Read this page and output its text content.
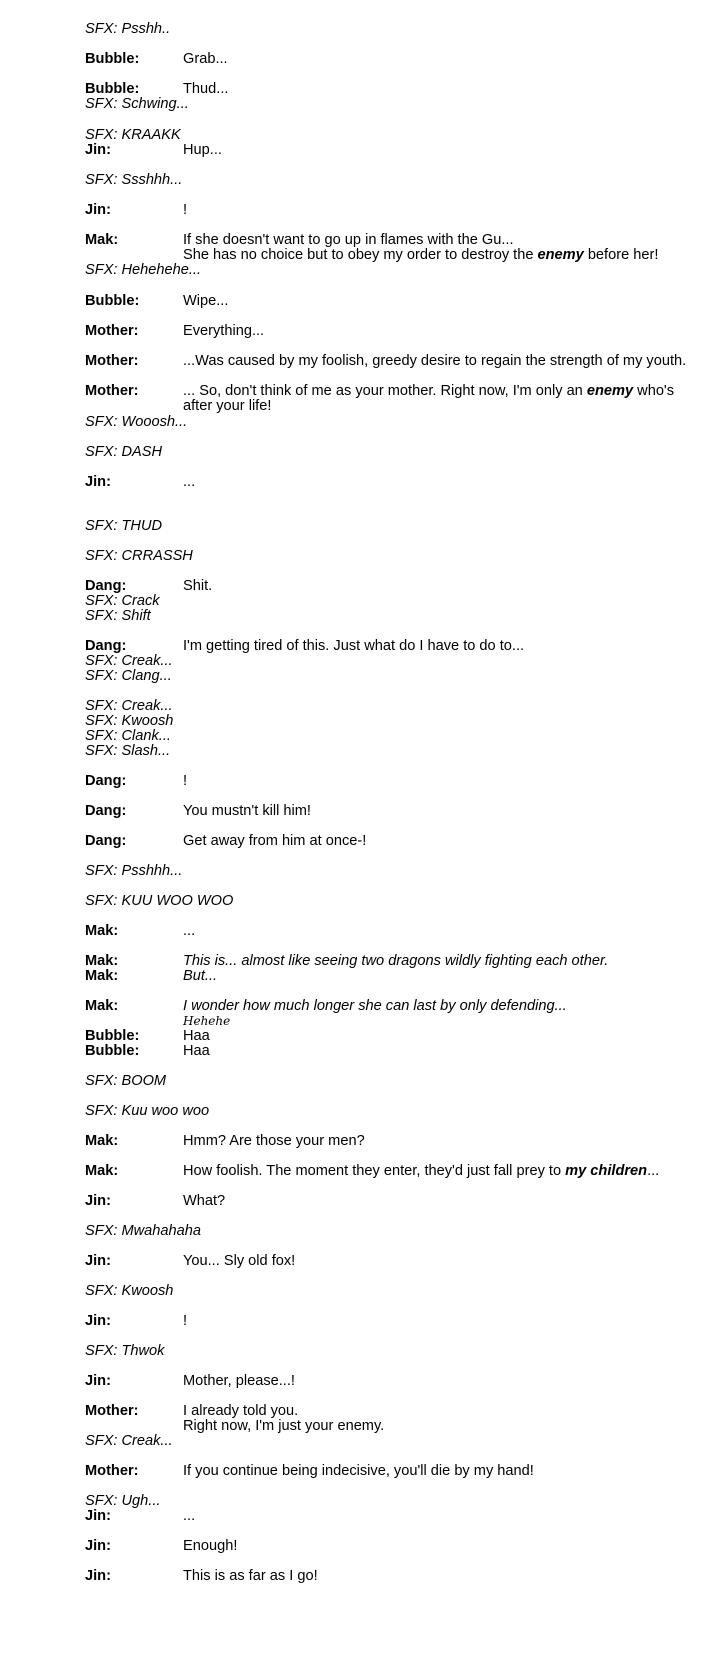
SFX: Psshh..
Bubble:	Grab...
Bubble:	Thud...
SFX: Schwing...
SFX: KRAAKK
Jin:	Hup...
SFX: Ssshhh...
Jin:	!
Mak:	If she doesn't want to go up in flames with the Gu...
She has no choice but to obey my order to destroy the enemy before her!
SFX: Hehehehe...
Bubble:	Wipe...
Mother:	Everything...
Mother:	...Was caused by my foolish, greedy desire to regain the strength of my youth.
Mother:	... So, don't think of me as your mother. Right now, I'm only an enemy who's
after your life!
SFX: Wooosh...
SFX: DASH
Jin:	...
SFX: THUD
SFX: CRRASSH
Dang:	Shit.
SFX: Crack
SFX: Shift
Dang:	I'm getting tired of this. Just what do I have to do to...
SFX: Creak...
SFX: Clang...
SFX: Creak...
SFX: Kwoosh
SFX: Clank...
SFX: Slash...
Dang:	!
Dang:	You mustn't kill him!
Dang:	Get away from him at once-!
SFX: Psshhh...
SFX: KUU WOO WOO
Mak:	...
Mak:	This is... almost like seeing two dragons wildly fighting each other.
Mak:	But...
Mak:	I wonder how much longer she can last by only defending...
Hehehe
Bubble:	Haa
Bubble:	Haa
SFX: BOOM
SFX: Kuu woo woo
Mak:	Hmm? Are those your men?
Mak:	How foolish. The moment they enter, they'd just fall prey to my children...
Jin:	What?
SFX: Mwahahaha
Jin:	You... Sly old fox!
SFX: Kwoosh
Jin:	!
SFX: Thwok
Jin:	Mother, please...!
Mother:	I already told you.
Right now, I'm just your enemy.
SFX: Creak...
Mother:	If you continue being indecisive, you'll die by my hand!
SFX: Ugh...
Jin:	...
Jin:	Enough!
Jin:	This is as far as I go!
